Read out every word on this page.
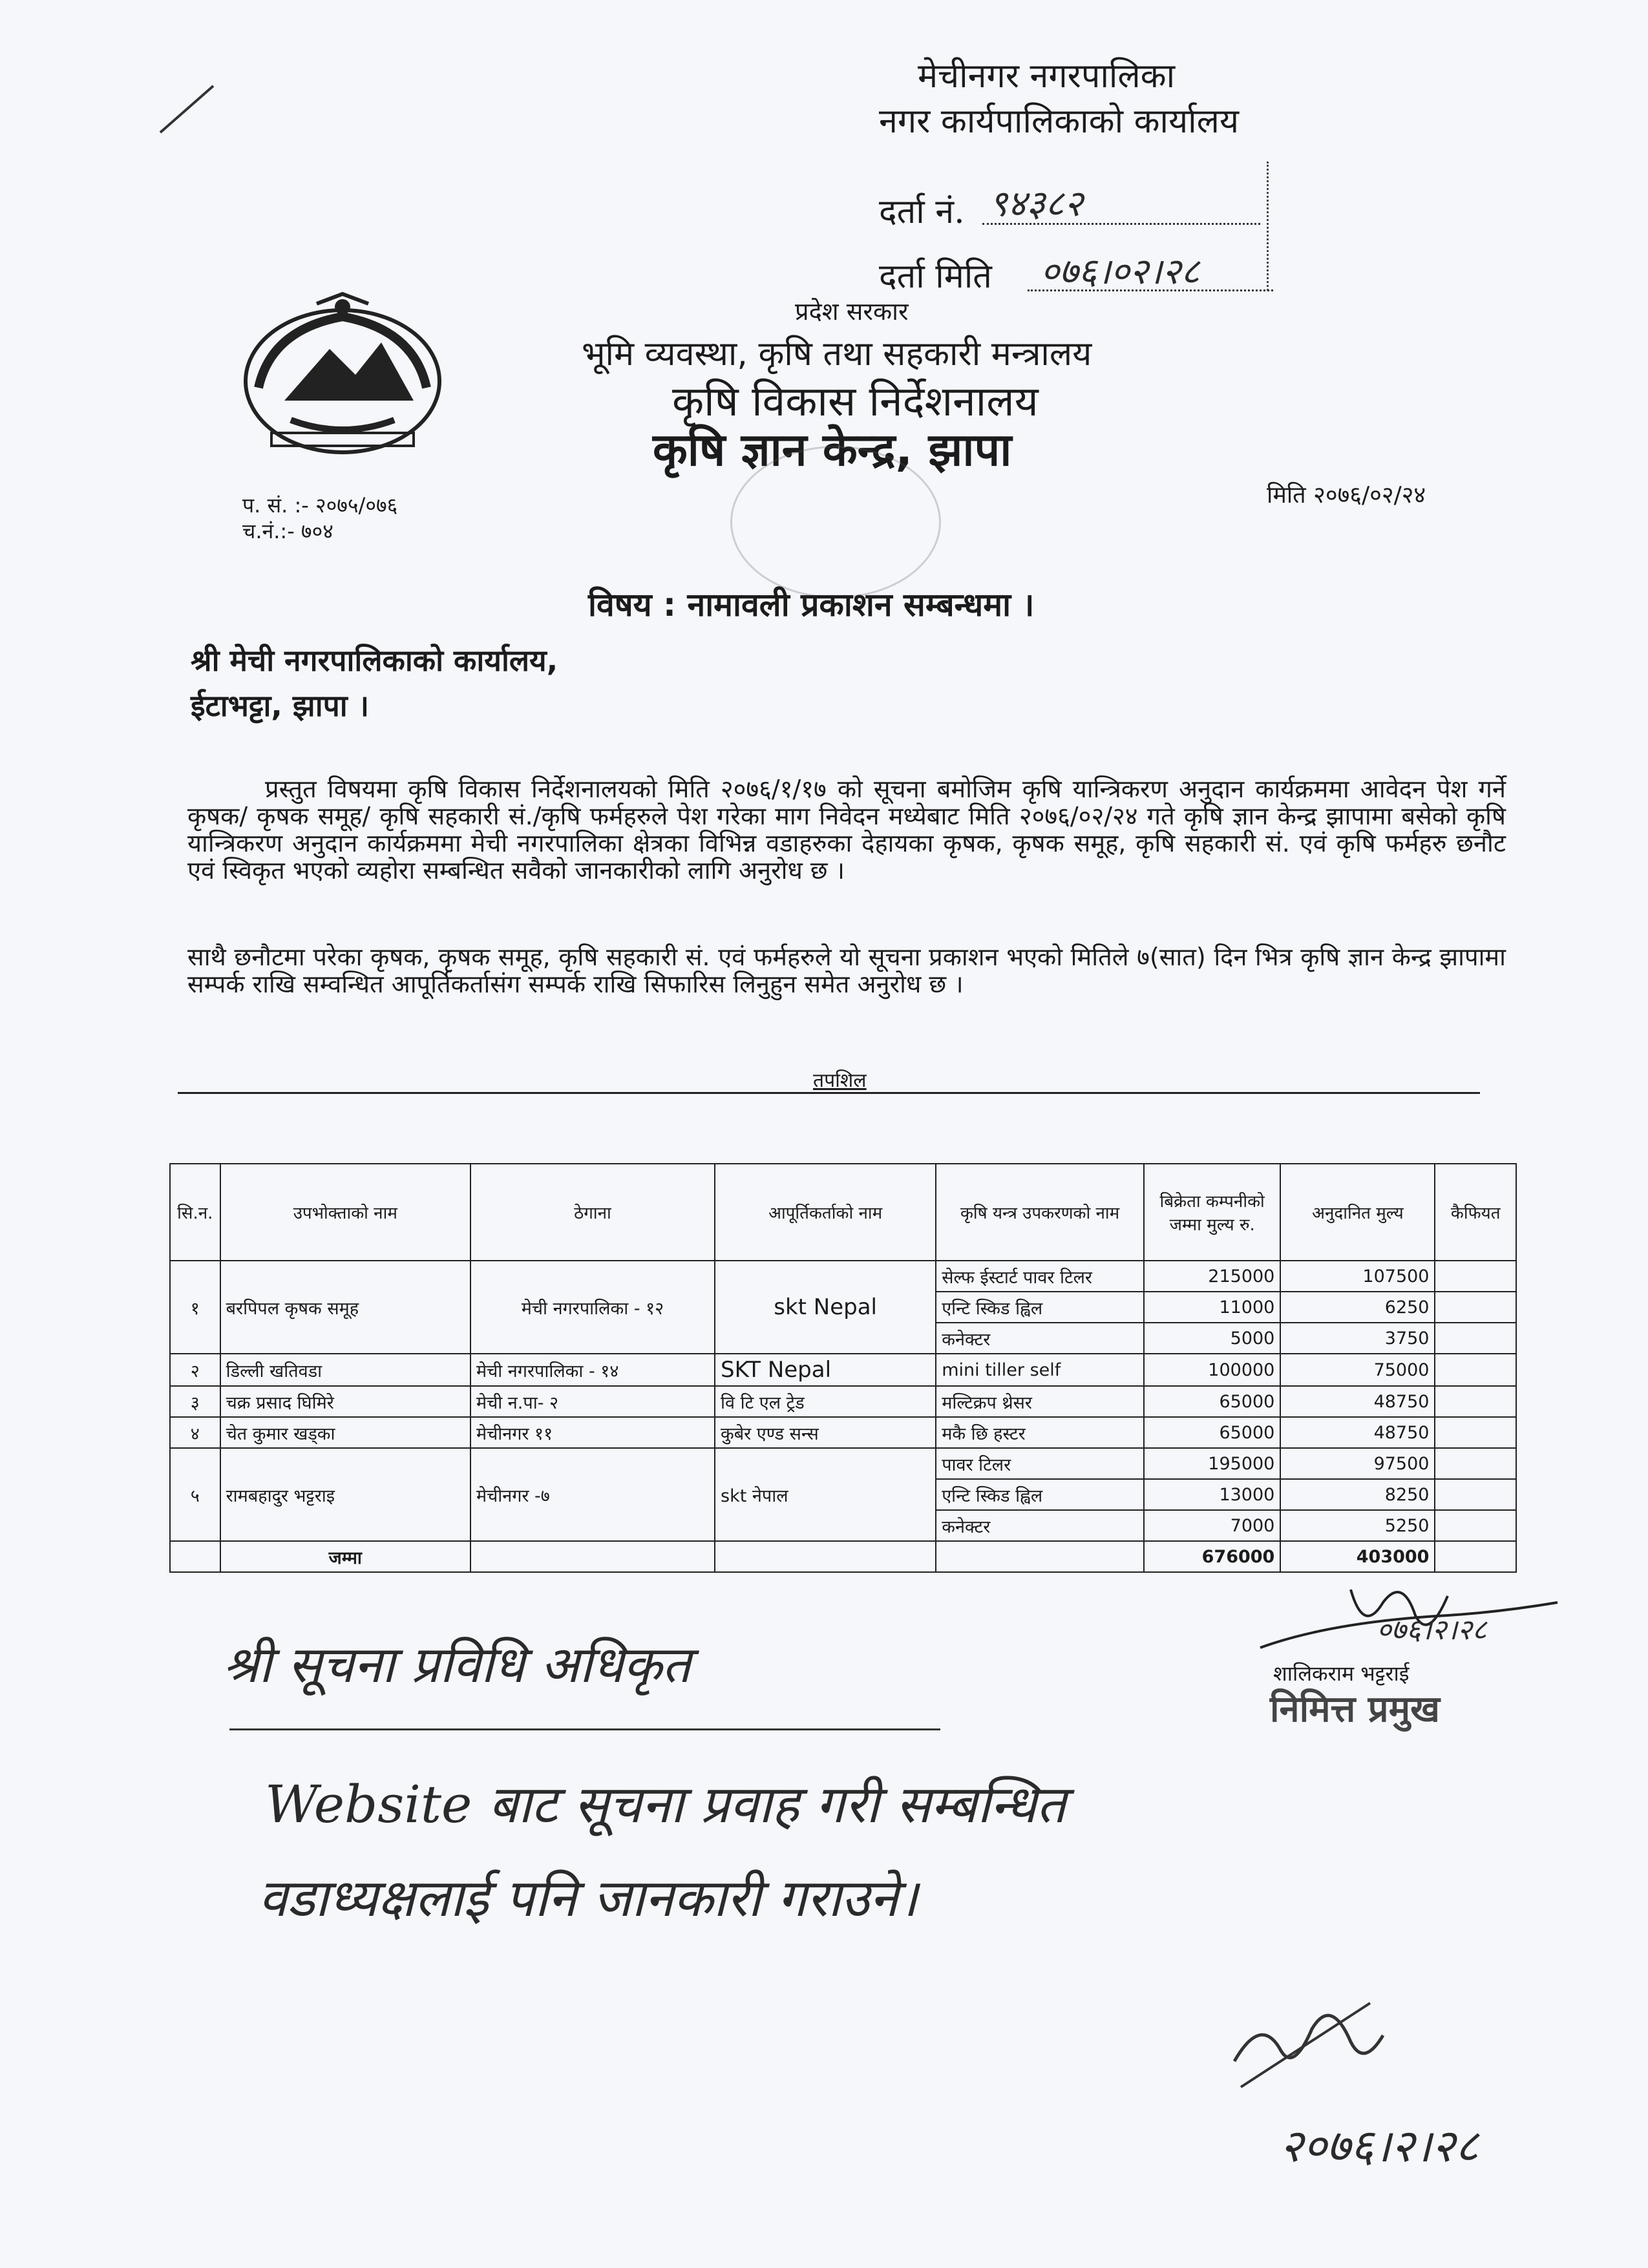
मेचीनगर नगरपालिका
नगर कार्यपालिकाको कार्यालय
दर्ता नं. ९४३८२
दर्ता मिति ०७६।०२।२८
प्रदेश सरकार
भूमि व्यवस्था, कृषि तथा सहकारी मन्त्रालय
कृषि विकास निर्देशनालय
कृषि ज्ञान केन्द्र, झापा
प. सं. :- २०७५/०७६
च.नं.:- ७०४
मिति २०७६/०२/२४
विषय : नामावली प्रकाशन सम्बन्धमा ।
श्री मेची नगरपालिकाको कार्यालय,
ईटाभट्टा, झापा ।
प्रस्तुत विषयमा कृषि विकास निर्देशनालयको मिति २०७६/१/१७ को सूचना बमोजिम कृषि यान्त्रिकरण अनुदान कार्यक्रममा आवेदन पेश गर्ने कृषक/ कृषक समूह/ कृषि सहकारी सं./कृषि फर्महरुले पेश गरेका माग निवेदन मध्येबाट मिति २०७६/०२/२४ गते कृषि ज्ञान केन्द्र झापामा बसेको कृषि यान्त्रिकरण अनुदान कार्यक्रममा मेची नगरपालिका क्षेत्रका विभिन्न वडाहरुका देहायका कृषक, कृषक समूह, कृषि सहकारी सं. एवं कृषि फर्महरु छनौट एवं स्विकृत भएको व्यहोरा सम्बन्धित सवैको जानकारीको लागि अनुरोध छ ।
साथै छनौटमा परेका कृषक, कृषक समूह, कृषि सहकारी सं. एवं फर्महरुले यो सूचना प्रकाशन भएको मितिले ७(सात) दिन भित्र कृषि ज्ञान केन्द्र झापामा सम्पर्क राखि सम्वन्धित आपूर्तिकर्तासंग सम्पर्क राखि सिफारिस लिनुहुन समेत अनुरोध छ ।
तपशिल
सि.न.	उपभोक्ताको नाम	ठेगाना	आपूर्तिकर्ताको नाम	कृषि यन्त्र उपकरणको नाम	बिक्रेता कम्पनीको जम्मा मुल्य रु.	अनुदानित मुल्य	कैफियत
१	बरपिपल कृषक समूह	मेची नगरपालिका - १२	skt Nepal	सेल्फ ईस्टार्ट पावर टिलर	215000	107500	
				एन्टि स्किड ह्विल	11000	6250	
				कनेक्टर	5000	3750	
२	डिल्ली खतिवडा	मेची नगरपालिका - १४	SKT Nepal	mini tiller self	100000	75000	
३	चक्र प्रसाद घिमिरे	मेची न.पा- २	वि टि एल ट्रेड	मल्टिक्रप थ्रेसर	65000	48750	
४	चेत कुमार खड्का	मेचीनगर ११	कुबेर एण्ड सन्स	मकै छि हस्टर	65000	48750	
५	रामबहादुर भट्टराइ	मेचीनगर -७	skt नेपाल	पावर टिलर	195000	97500	
				एन्टि स्किड ह्विल	13000	8250	
				कनेक्टर	7000	5250	
	जम्मा				676000	403000	
०७६।२।२८
शालिकराम भट्टराई
निमित्त प्रमुख
श्री सूचना प्रविधि अधिकृत
Website बाट सूचना प्रवाह गरी सम्बन्धित
वडाध्यक्षलाई पनि जानकारी गराउने।
२०७६।२।२८
